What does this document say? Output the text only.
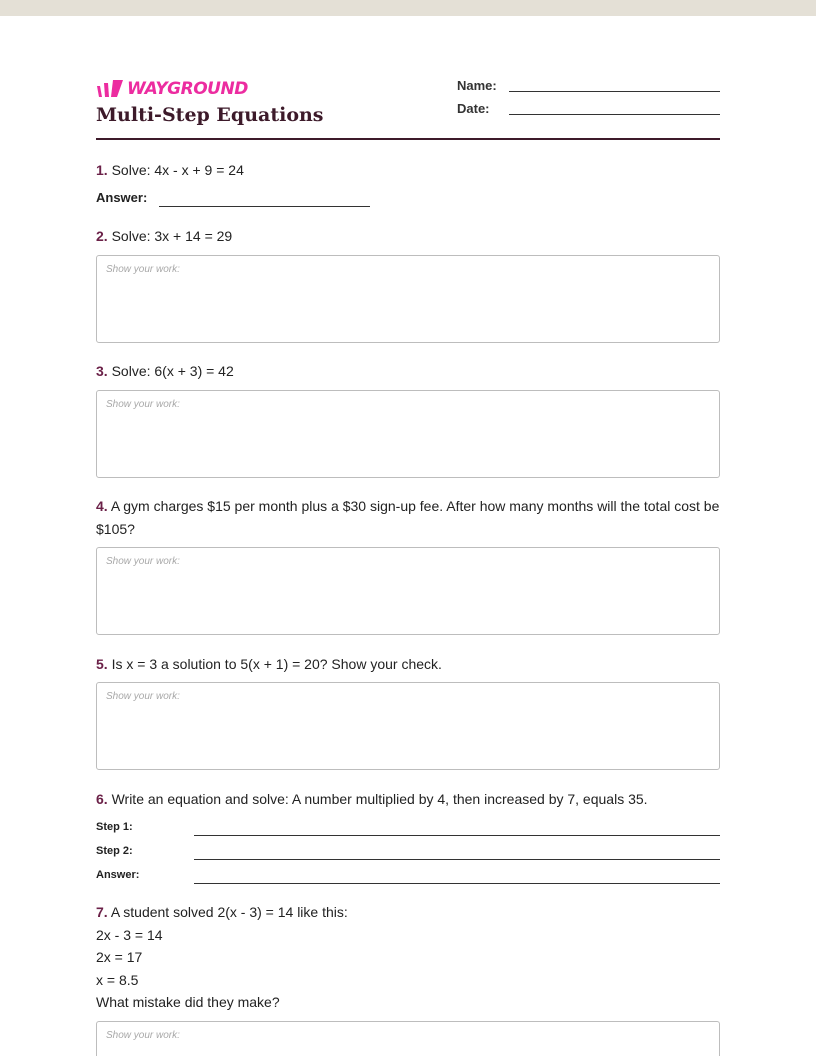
WAYGROUND
Multi-Step Equations
Name:
Date:
1. Solve: 4x - x + 9 = 24
Answer:
2. Solve: 3x + 14 = 29
Show your work:
3. Solve: 6(x + 3) = 42
Show your work:
4. A gym charges $15 per month plus a $30 sign-up fee. After how many months will the total cost be $105?
Show your work:
5. Is x = 3 a solution to 5(x + 1) = 20? Show your check.
Show your work:
6. Write an equation and solve: A number multiplied by 4, then increased by 7, equals 35.
Step 1:
Step 2:
Answer:
7. A student solved 2(x - 3) = 14 like this:
2x - 3 = 14
2x = 17
x = 8.5
What mistake did they make?
Show your work:
